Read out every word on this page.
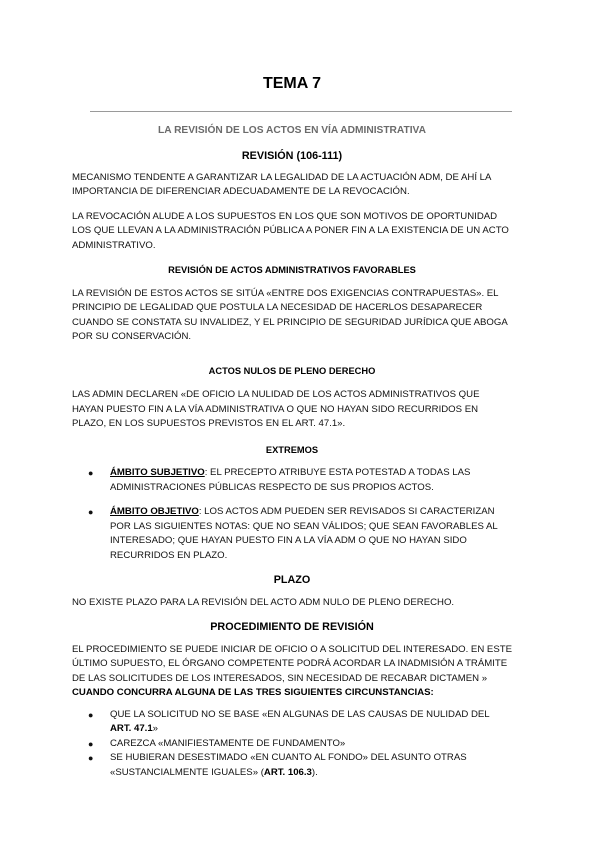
TEMA 7
LA REVISIÓN DE LOS ACTOS EN VÍA ADMINISTRATIVA
REVISIÓN (106-111)

MECANISMO TENDENTE A GARANTIZAR LA LEGALIDAD DE LA ACTUACIÓN ADM, DE AHÍ LA IMPORTANCIA DE DIFERENCIAR ADECUADAMENTE DE LA REVOCACIÓN.

LA REVOCACIÓN ALUDE A LOS SUPUESTOS EN LOS QUE SON MOTIVOS DE OPORTUNIDAD LOS QUE LLEVAN A LA ADMINISTRACIÓN PÚBLICA A PONER FIN A LA EXISTENCIA DE UN ACTO ADMINISTRATIVO.

REVISIÓN DE ACTOS ADMINISTRATIVOS FAVORABLES

LA REVISIÓN DE ESTOS ACTOS SE SITÚA «ENTRE DOS EXIGENCIAS CONTRAPUESTAS». EL PRINCIPIO DE LEGALIDAD QUE POSTULA LA NECESIDAD DE HACERLOS DESAPARECER CUANDO SE CONSTATA SU INVALIDEZ, Y EL PRINCIPIO DE SEGURIDAD JURÍDICA QUE ABOGA POR SU CONSERVACIÓN.

ACTOS NULOS DE PLENO DERECHO

LAS ADMIN DECLAREN «DE OFICIO LA NULIDAD DE LOS ACTOS ADMINISTRATIVOS QUE HAYAN PUESTO FIN A LA VÍA ADMINISTRATIVA O QUE NO HAYAN SIDO RECURRIDOS EN PLAZO, EN LOS SUPUESTOS PREVISTOS EN EL ART. 47.1».

EXTREMOS
● ÁMBITO SUBJETIVO: EL PRECEPTO ATRIBUYE ESTA POTESTAD A TODAS LAS ADMINISTRACIONES PÚBLICAS RESPECTO DE SUS PROPIOS ACTOS.
● ÁMBITO OBJETIVO: LOS ACTOS ADM PUEDEN SER REVISADOS SI CARACTERIZAN POR LAS SIGUIENTES NOTAS: QUE NO SEAN VÁLIDOS; QUE SEAN FAVORABLES AL INTERESADO; QUE HAYAN PUESTO FIN A LA VÍA ADM O QUE NO HAYAN SIDO RECURRIDOS EN PLAZO.
PLAZO

NO EXISTE PLAZO PARA LA REVISIÓN DEL ACTO ADM NULO DE PLENO DERECHO.

PROCEDIMIENTO DE REVISIÓN

EL PROCEDIMIENTO SE PUEDE INICIAR DE OFICIO O A SOLICITUD DEL INTERESADO. EN ESTE ÚLTIMO SUPUESTO, EL ÓRGANO COMPETENTE PODRÁ ACORDAR LA INADMISIÓN A TRÁMITE DE LAS SOLICITUDES DE LOS INTERESADOS, SIN NECESIDAD DE RECABAR DICTAMEN » CUANDO CONCURRA ALGUNA DE LAS TRES SIGUIENTES CIRCUNSTANCIAS:

● QUE LA SOLICITUD NO SE BASE «EN ALGUNAS DE LAS CAUSAS DE NULIDAD DEL ART. 47.1»
● CAREZCA «MANIFIESTAMENTE DE FUNDAMENTO»
● SE HUBIERAN DESESTIMADO «EN CUANTO AL FONDO» DEL ASUNTO OTRAS «SUSTANCIALMENTE IGUALES» (ART. 106.3).
